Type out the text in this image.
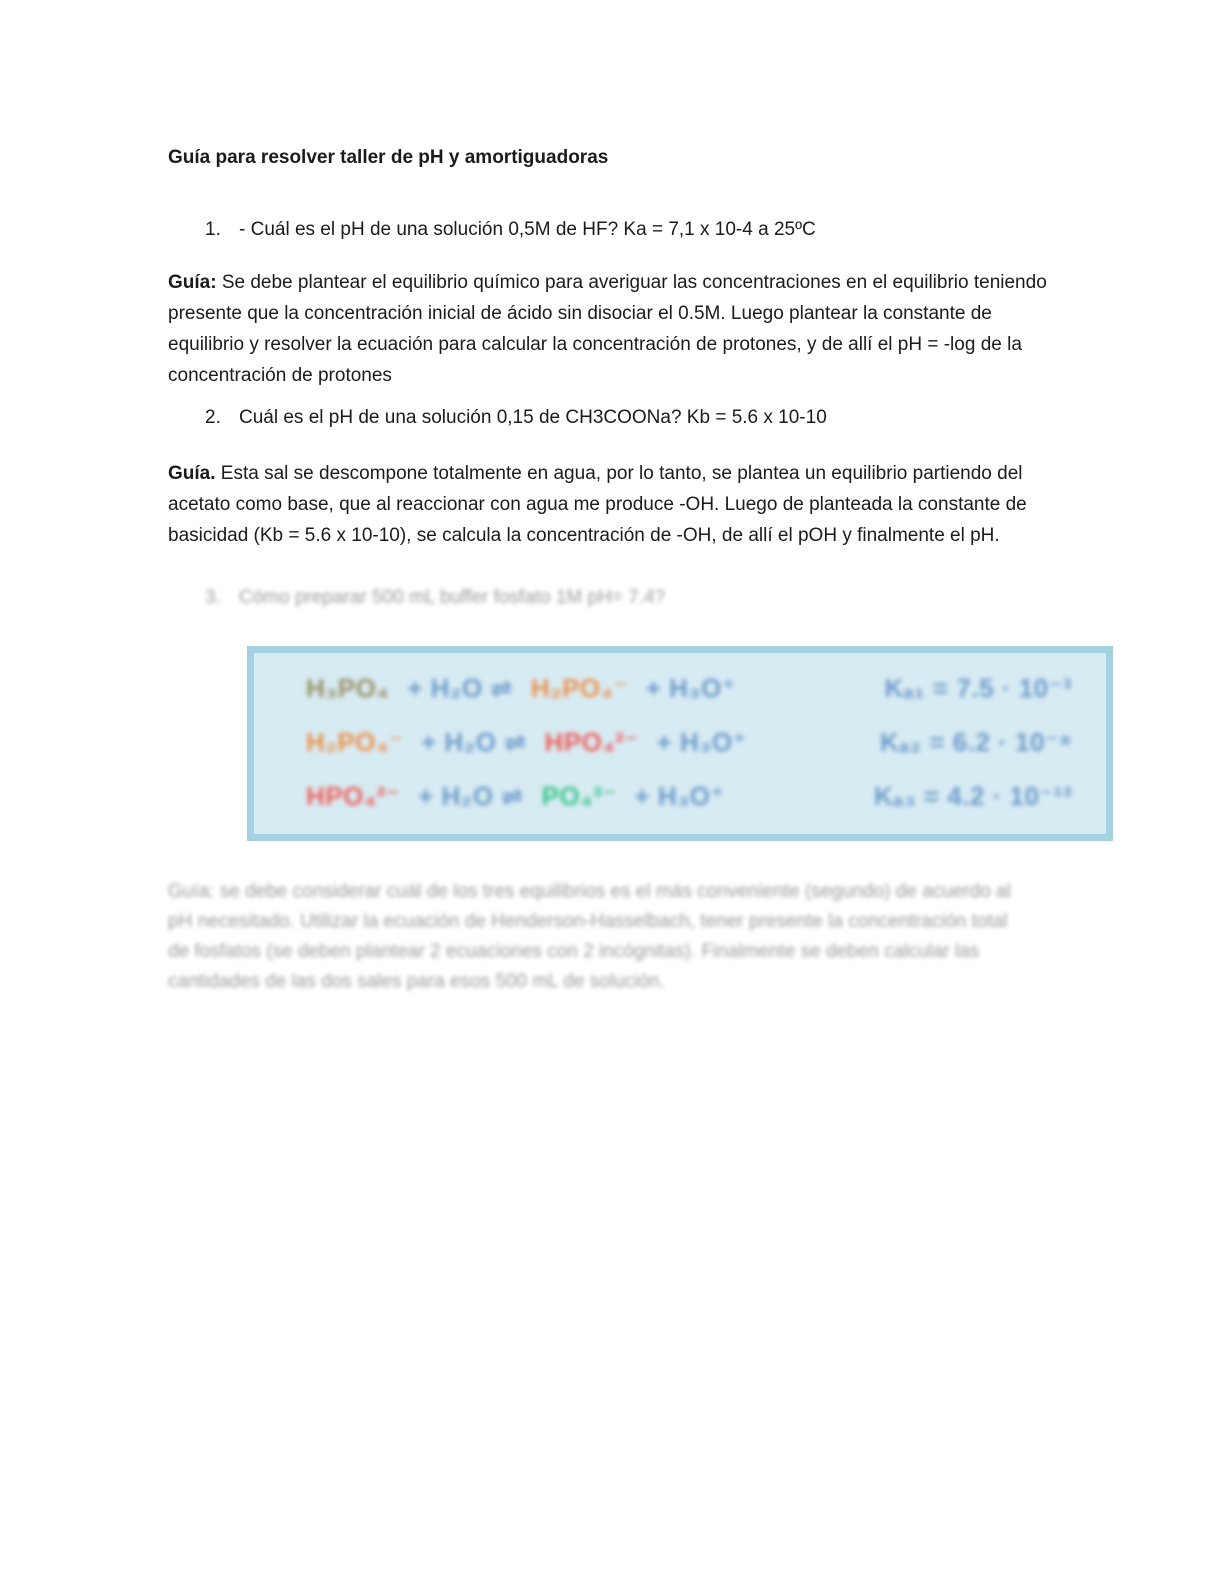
Guía para resolver taller de pH y amortiguadoras
1. - Cuál es el pH de una solución 0,5M de HF? Ka = 7,1 x 10-4 a 25ºC

Guía: Se debe plantear el equilibrio químico para averiguar las concentraciones en el equilibrio teniendo presente que la concentración inicial de ácido sin disociar el 0.5M. Luego plantear la constante de equilibrio y resolver la ecuación para calcular la concentración de protones, y de allí el pH = -log de la concentración de protones

2. Cuál es el pH de una solución 0,15 de CH3COONa? Kb = 5.6 x 10-10

Guía. Esta sal se descompone totalmente en agua, por lo tanto, se plantea un equilibrio partiendo del acetato como base, que al reaccionar con agua me produce -OH. Luego de planteada la constante de basicidad (Kb = 5.6 x 10-10), se calcula la concentración de -OH, de allí el pOH y finalmente el pH.

3. Cómo preparar 500 mL buffer fosfato 1M pH= 7.4?
H₃PO₄ + H₂O ⇌ H₂PO₄⁻ + H₃O⁺	Kₐ₁ = 7.5 · 10⁻³
H₂PO₄⁻ + H₂O ⇌ HPO₄²⁻ + H₃O⁺	Kₐ₂ = 6.2 · 10⁻⁸
HPO₄²⁻ + H₂O ⇌ PO₄³⁻ + H₃O⁺	Kₐ₃ = 4.2 · 10⁻¹³
Guía: se debe considerar cuál de los tres equilibrios es el más conveniente (segundo) de acuerdo al
pH necesitado. Utilizar la ecuación de Henderson-Hasselbach, tener presente la concentración total
de fosfatos (se deben plantear 2 ecuaciones con 2 incógnitas). Finalmente se deben calcular las
cantidades de las dos sales para esos 500 mL de solución.
